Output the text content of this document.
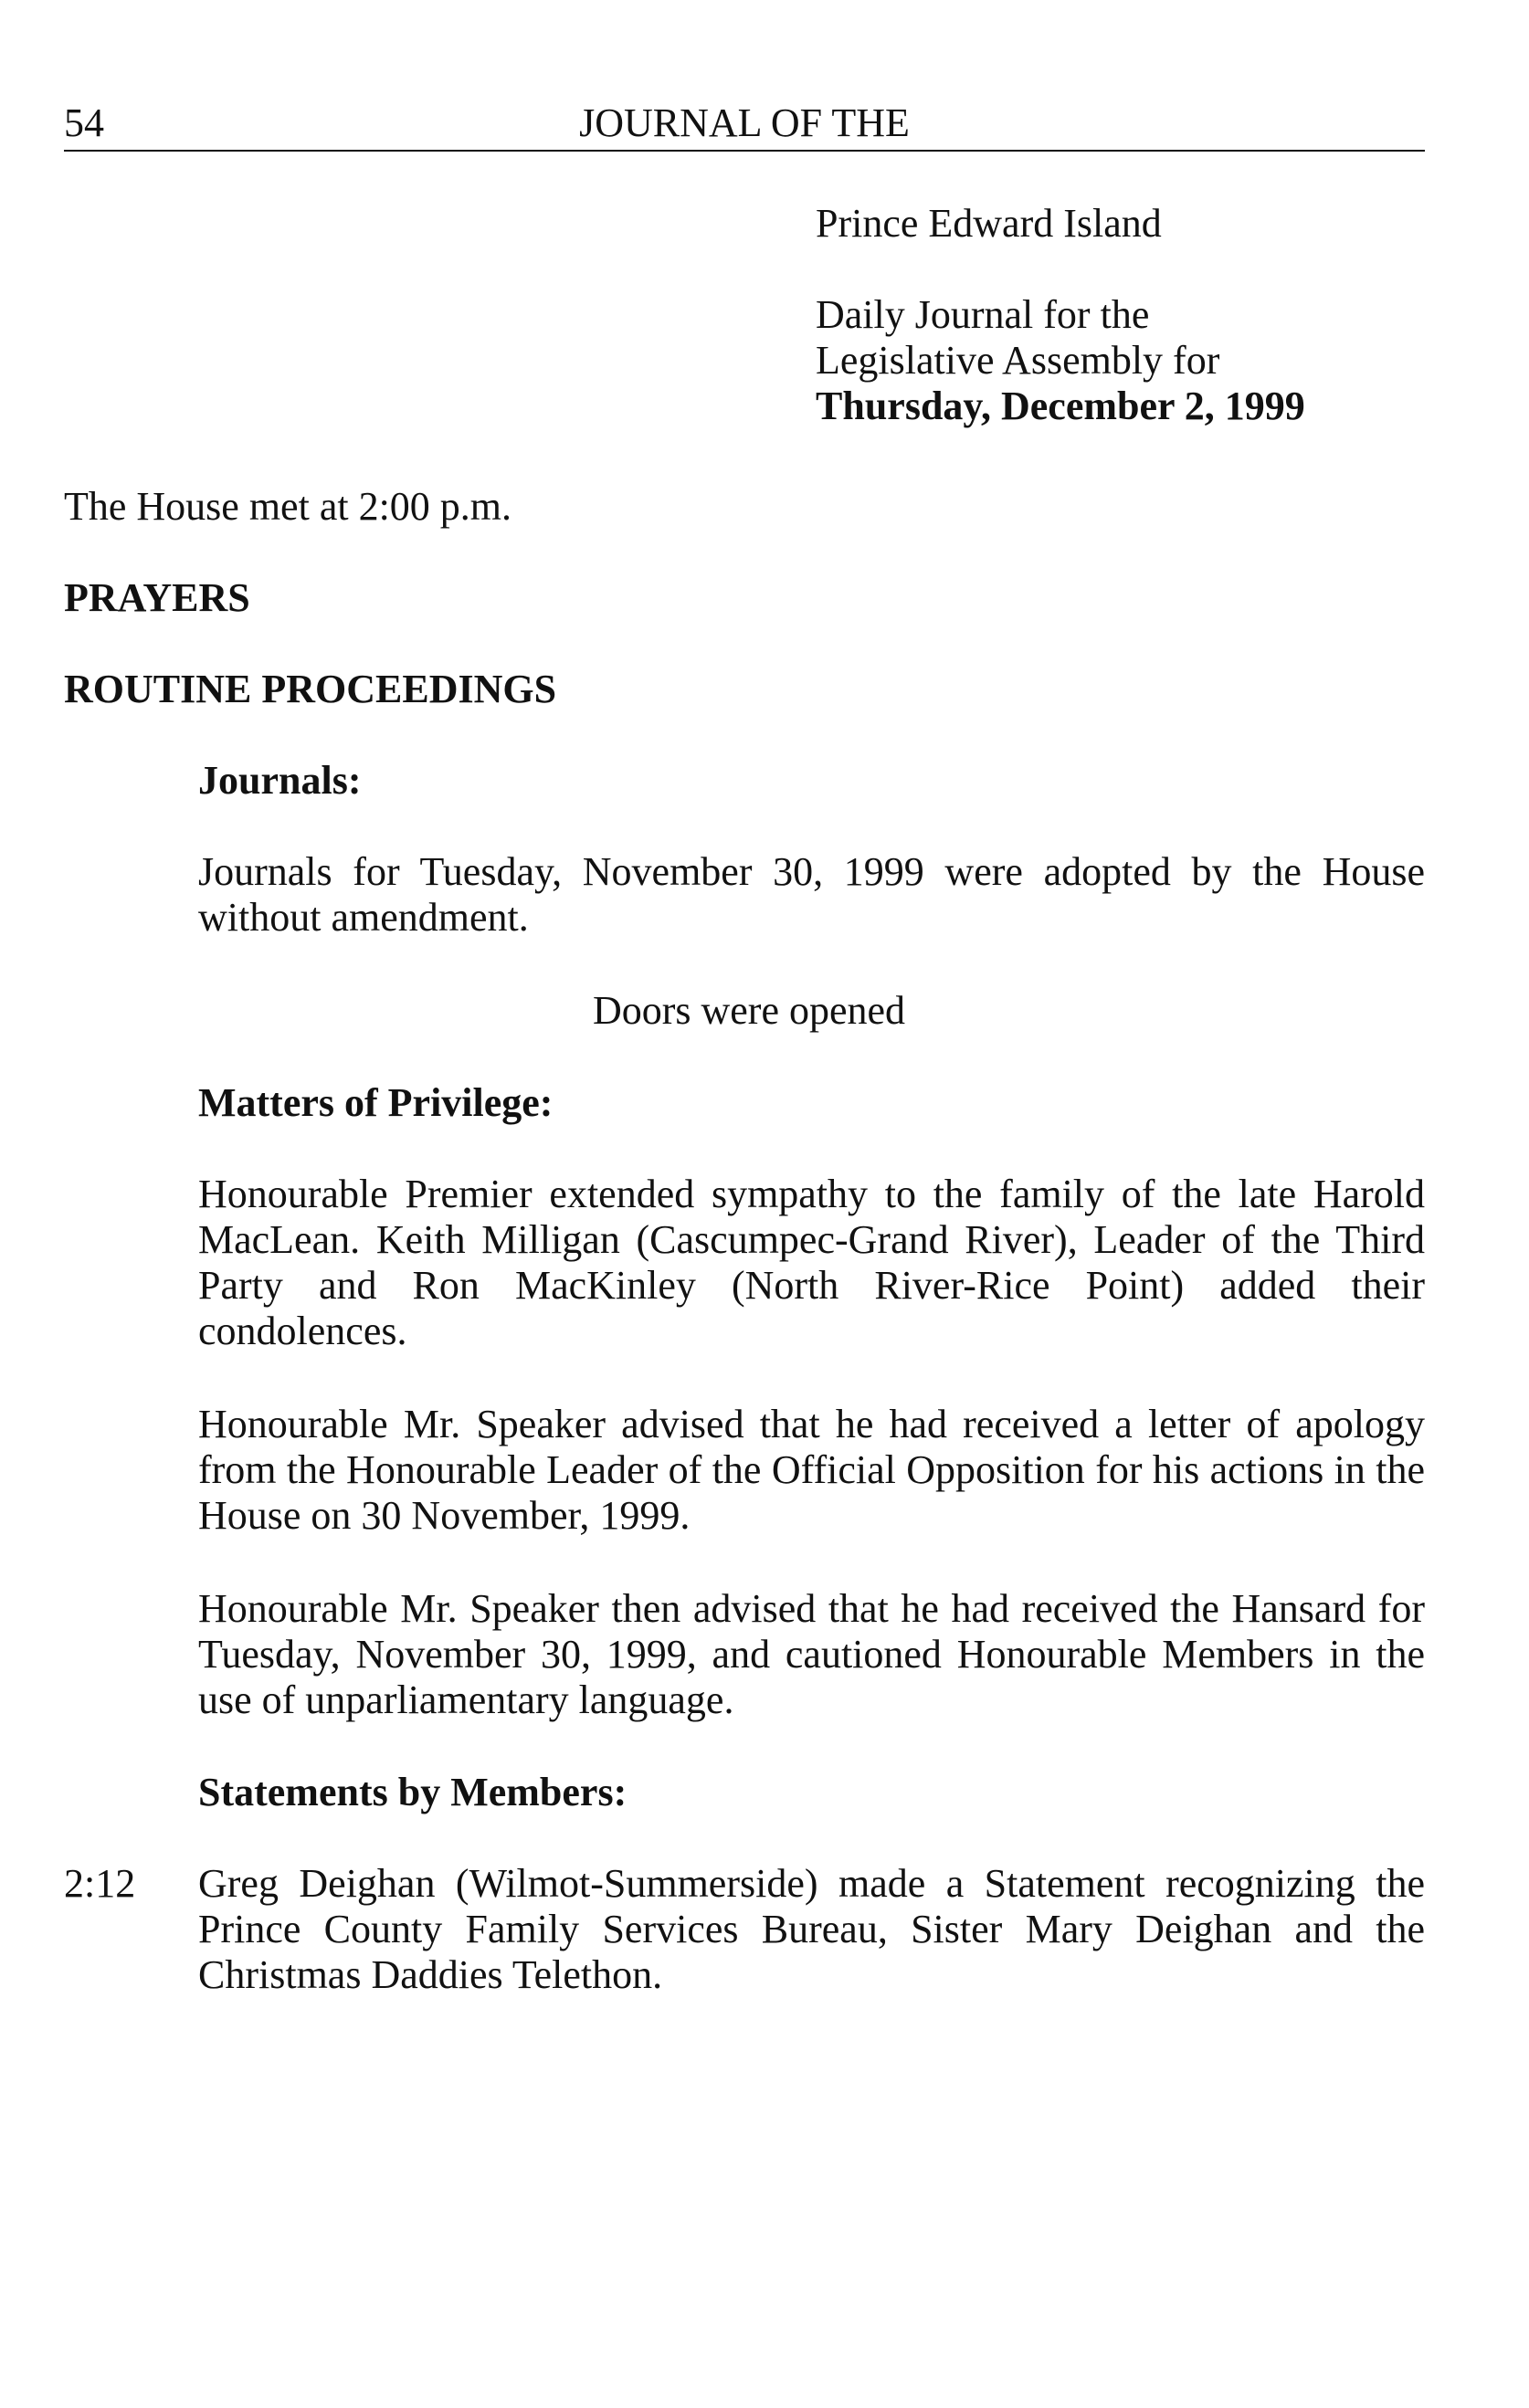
54	JOURNAL OF THE
Prince Edward Island
Daily Journal for the
Legislative Assembly for
Thursday, December 2, 1999
The House met at 2:00 p.m.
PRAYERS
ROUTINE PROCEEDINGS
Journals:
Journals for Tuesday, November 30, 1999 were adopted by the House without amendment.
Doors were opened
Matters of Privilege:
Honourable Premier extended sympathy to the family of the late Harold MacLean. Keith Milligan (Cascumpec-Grand River), Leader of the Third Party and Ron MacKinley (North River-Rice Point) added their condolences.
Honourable Mr. Speaker advised that he had received a letter of apology from the Honourable Leader of the Official Opposition for his actions in the House on 30 November, 1999.
Honourable Mr. Speaker then advised that he had received the Hansard for Tuesday, November 30, 1999, and cautioned Honourable Members in the use of unparliamentary language.
Statements by Members:
2:12 Greg Deighan (Wilmot-Summerside) made a Statement recognizing the Prince County Family Services Bureau, Sister Mary Deighan and the Christmas Daddies Telethon.
